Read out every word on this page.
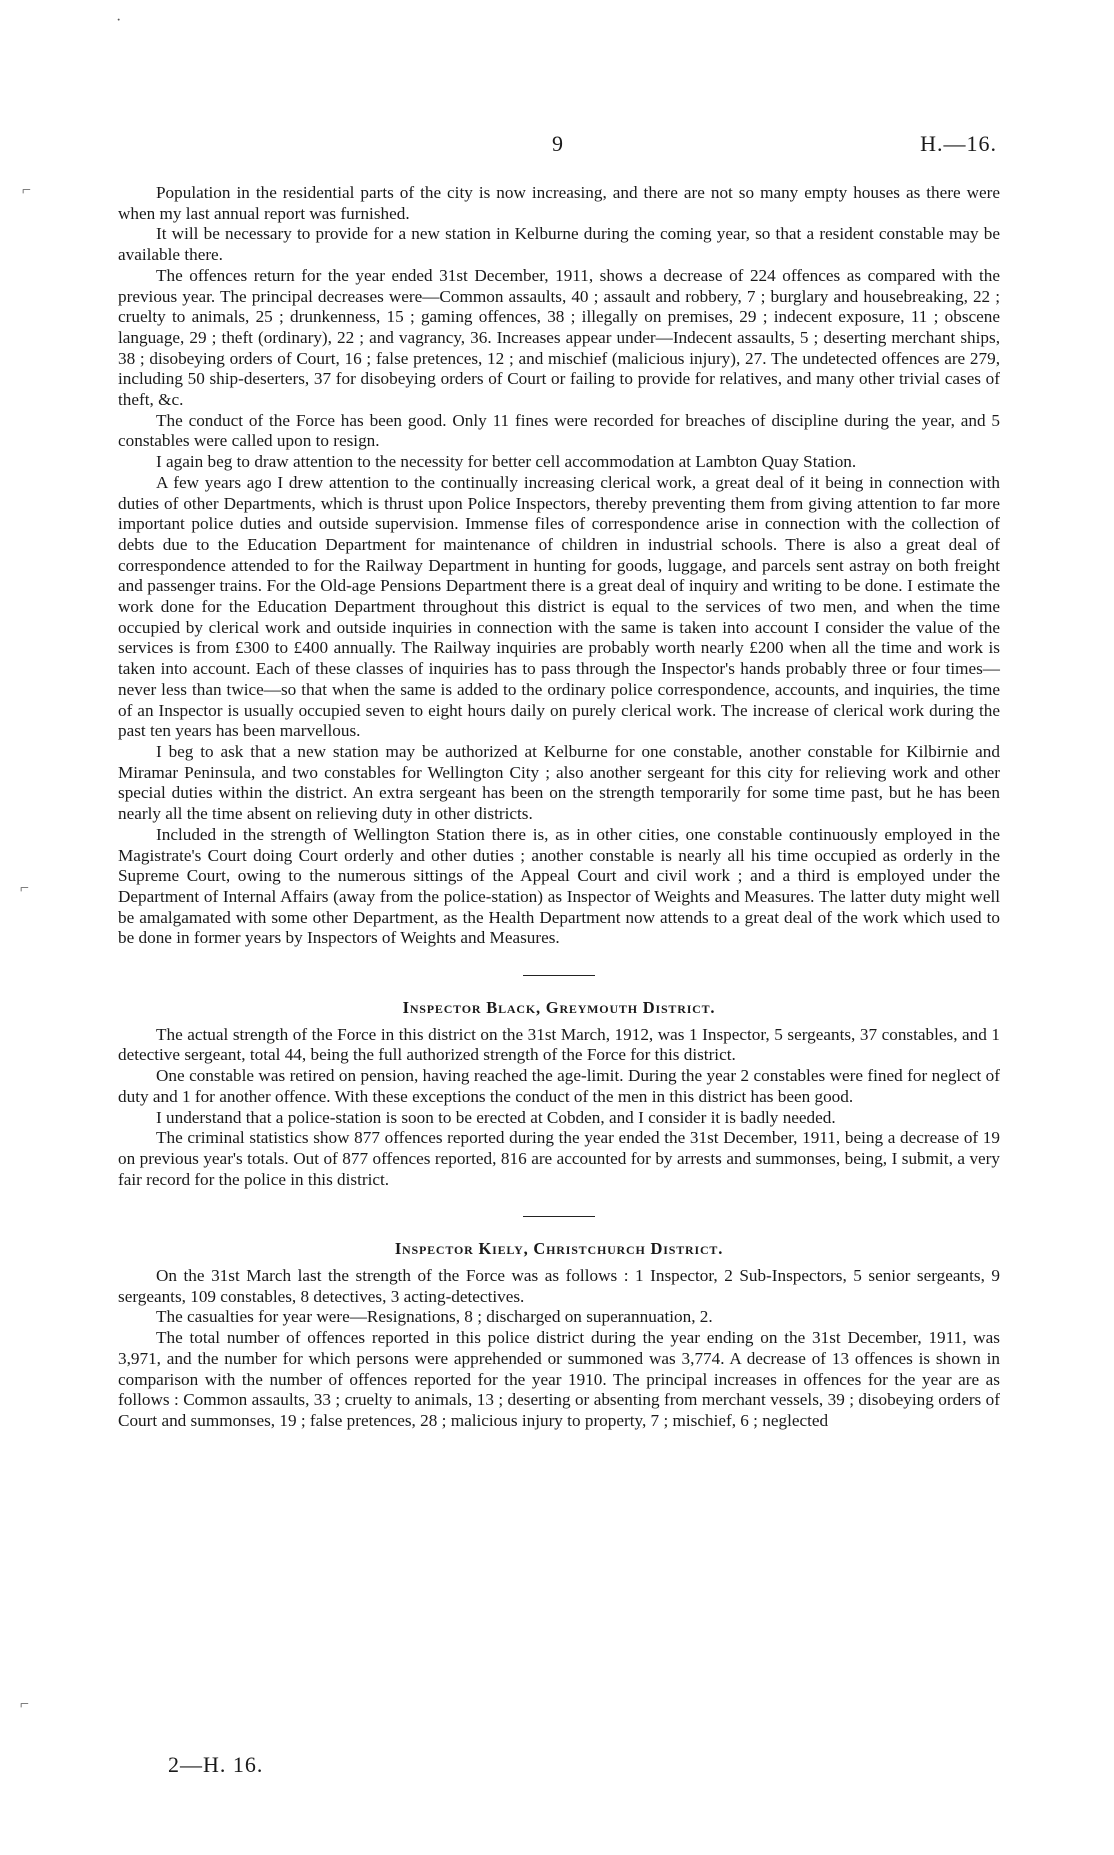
9	H.—16.
·
⌐
⌐
⌐

Population in the residential parts of the city is now increasing, and there are not so many empty houses as there were when my last annual report was furnished.

It will be necessary to provide for a new station in Kelburne during the coming year, so that a resident constable may be available there.

The offences return for the year ended 31st December, 1911, shows a decrease of 224 offences as compared with the previous year. The principal decreases were—Common assaults, 40 ; assault and robbery, 7 ; burglary and housebreaking, 22 ; cruelty to animals, 25 ; drunkenness, 15 ; gaming offences, 38 ; illegally on premises, 29 ; indecent exposure, 11 ; obscene language, 29 ; theft (ordinary), 22 ; and vagrancy, 36. Increases appear under—Indecent assaults, 5 ; deserting merchant ships, 38 ; disobeying orders of Court, 16 ; false pretences, 12 ; and mischief (malicious injury), 27. The undetected offences are 279, including 50 ship-deserters, 37 for disobeying orders of Court or failing to provide for relatives, and many other trivial cases of theft, &c.

The conduct of the Force has been good. Only 11 fines were recorded for breaches of discipline during the year, and 5 constables were called upon to resign.

I again beg to draw attention to the necessity for better cell accommodation at Lambton Quay Station.

A few years ago I drew attention to the continually increasing clerical work, a great deal of it being in connection with duties of other Departments, which is thrust upon Police Inspectors, thereby preventing them from giving attention to far more important police duties and outside supervision. Immense files of correspondence arise in connection with the collection of debts due to the Education Department for maintenance of children in industrial schools. There is also a great deal of correspondence attended to for the Railway Department in hunting for goods, luggage, and parcels sent astray on both freight and passenger trains. For the Old-age Pensions Department there is a great deal of inquiry and writing to be done. I estimate the work done for the Education Department throughout this district is equal to the services of two men, and when the time occupied by clerical work and outside inquiries in connection with the same is taken into account I consider the value of the services is from £300 to £400 annually. The Railway inquiries are probably worth nearly £200 when all the time and work is taken into account. Each of these classes of inquiries has to pass through the Inspector's hands probably three or four times—never less than twice—so that when the same is added to the ordinary police correspondence, accounts, and inquiries, the time of an Inspector is usually occupied seven to eight hours daily on purely clerical work. The increase of clerical work during the past ten years has been marvellous.

I beg to ask that a new station may be authorized at Kelburne for one constable, another constable for Kilbirnie and Miramar Peninsula, and two constables for Wellington City ; also another sergeant for this city for relieving work and other special duties within the district. An extra sergeant has been on the strength temporarily for some time past, but he has been nearly all the time absent on relieving duty in other districts.

Included in the strength of Wellington Station there is, as in other cities, one constable continuously employed in the Magistrate's Court doing Court orderly and other duties ; another constable is nearly all his time occupied as orderly in the Supreme Court, owing to the numerous sittings of the Appeal Court and civil work ; and a third is employed under the Department of Internal Affairs (away from the police-station) as Inspector of Weights and Measures. The latter duty might well be amalgamated with some other Department, as the Health Department now attends to a great deal of the work which used to be done in former years by Inspectors of Weights and Measures.

Inspector Black, Greymouth District.

The actual strength of the Force in this district on the 31st March, 1912, was 1 Inspector, 5 sergeants, 37 constables, and 1 detective sergeant, total 44, being the full authorized strength of the Force for this district.

One constable was retired on pension, having reached the age-limit. During the year 2 constables were fined for neglect of duty and 1 for another offence. With these exceptions the conduct of the men in this district has been good.

I understand that a police-station is soon to be erected at Cobden, and I consider it is badly needed.

The criminal statistics show 877 offences reported during the year ended the 31st December, 1911, being a decrease of 19 on previous year's totals. Out of 877 offences reported, 816 are accounted for by arrests and summonses, being, I submit, a very fair record for the police in this district.

Inspector Kiely, Christchurch District.

On the 31st March last the strength of the Force was as follows : 1 Inspector, 2 Sub-Inspectors, 5 senior sergeants, 9 sergeants, 109 constables, 8 detectives, 3 acting-detectives.

The casualties for year were—Resignations, 8 ; discharged on superannuation, 2.

The total number of offences reported in this police district during the year ending on the 31st December, 1911, was 3,971, and the number for which persons were apprehended or summoned was 3,774. A decrease of 13 offences is shown in comparison with the number of offences reported for the year 1910. The principal increases in offences for the year are as follows : Common assaults, 33 ; cruelty to animals, 13 ; deserting or absenting from merchant vessels, 39 ; disobeying orders of Court and summonses, 19 ; false pretences, 28 ; malicious injury to property, 7 ; mischief, 6 ; neglected

2—H. 16.
